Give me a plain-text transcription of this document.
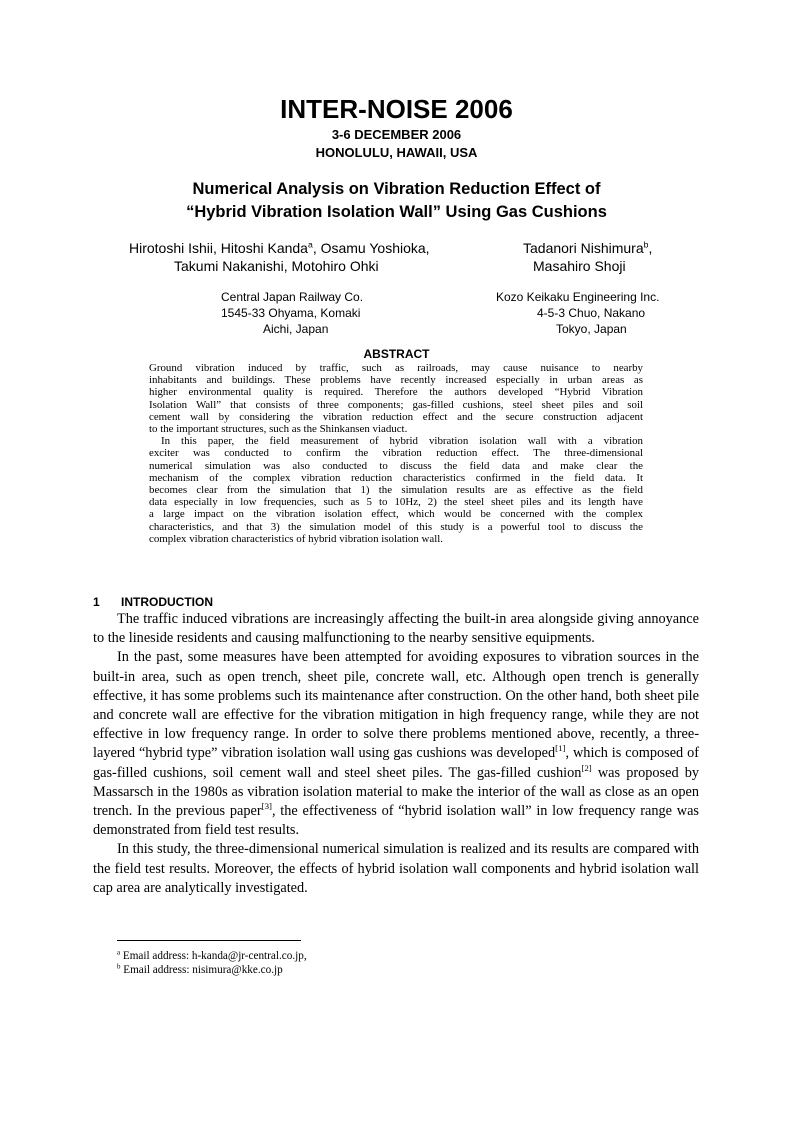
INTER-NOISE 2006
3-6 DECEMBER 2006
HONOLULU, HAWAII, USA
Numerical Analysis on Vibration Reduction Effect of
“Hybrid Vibration Isolation Wall” Using Gas Cushions
Hirotoshi Ishii, Hitoshi Kanda$^a$, Osamu Yoshioka,
Takumi Nakanishi, Motohiro Ohki
Tadanori Nishimura$^b$,
Masahiro Shoji
Central Japan Railway Co.
1545-33 Ohyama, Komaki
Aichi, Japan
Kozo Keikaku Engineering Inc.
4-5-3 Chuo, Nakano
Tokyo, Japan
ABSTRACT

Ground vibration induced by traffic, such as railroads, may cause nuisance to nearby

inhabitants and buildings. These problems have recently increased especially in urban areas as

higher environmental quality is required. Therefore the authors developed “Hybrid Vibration

Isolation Wall” that consists of three components; gas-filled cushions, steel sheet piles and soil

cement wall by considering the vibration reduction effect and the secure construction adjacent

to the important structures, such as the Shinkansen viaduct.

In this paper, the field measurement of hybrid vibration isolation wall with a vibration

exciter was conducted to confirm the vibration reduction effect. The three-dimensional

numerical simulation was also conducted to discuss the field data and make clear the

mechanism of the complex vibration reduction characteristics confirmed in the field data. It

becomes clear from the simulation that 1) the simulation results are as effective as the field

data especially in low frequencies, such as 5 to 10Hz, 2) the steel sheet piles and its length have

a large impact on the vibration isolation effect, which would be concerned with the complex

characteristics, and that 3) the simulation model of this study is a powerful tool to discuss the

complex vibration characteristics of hybrid vibration isolation wall.

1 INTRODUCTION

The traffic induced vibrations are increasingly affecting the built-in area alongside giving annoyance to the lineside residents and causing malfunctioning to the nearby sensitive equipments.

In the past, some measures have been attempted for avoiding exposures to vibration sources in the built-in area, such as open trench, sheet pile, concrete wall, etc. Although open trench is generally effective, it has some problems such its maintenance after construction. On the other hand, both sheet pile and concrete wall are effective for the vibration mitigation in high frequency range, while they are not effective in low frequency range. In order to solve there problems mentioned above, recently, a three-layered “hybrid type” vibration isolation wall using gas cushions was developed[1], which is composed of gas-filled cushions, soil cement wall and steel sheet piles. The gas-filled cushion[2] was proposed by Massarsch in the 1980s as vibration isolation material to make the interior of the wall as close as an open trench. In the previous paper[3], the effectiveness of “hybrid isolation wall” in low frequency range was demonstrated from field test results.

In this study, the three-dimensional numerical simulation is realized and its results are compared with the field test results. Moreover, the effects of hybrid isolation wall components and hybrid isolation wall cap area are analytically investigated.

$^a$ Email address: h-kanda@jr-central.co.jp,
$^b$ Email address: nisimura@kke.co.jp
